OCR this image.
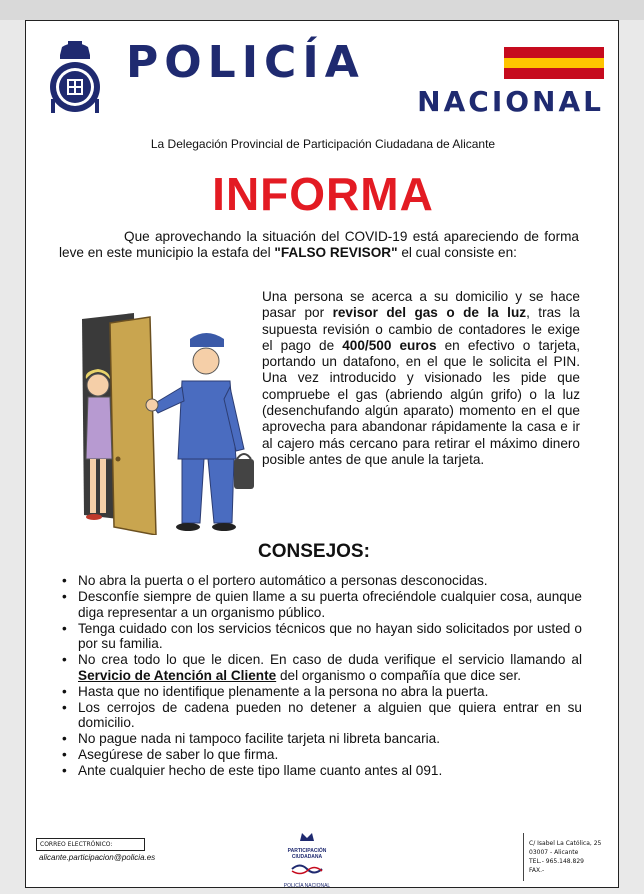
POLICÍA
NACIONAL
La Delegación Provincial de Participación Ciudadana de Alicante
INFORMA
Que aprovechando la situación del COVID-19 está apareciendo de forma leve en este municipio la estafa del "FALSO REVISOR" el cual consiste en:
Una persona se acerca a su domicilio y se hace pasar por revisor del gas o de la luz, tras la supuesta revisión o cambio de contadores le exige el pago de 400/500 euros en efectivo o tarjeta, portando un datafono, en el que le solicita el PIN. Una vez introducido y visionado les pide que compruebe el gas (abriendo algún grifo) o la luz (desenchufando algún aparato) momento en el que aprovecha para abandonar rápidamente la casa e ir al cajero más cercano para retirar el máximo dinero posible antes de que anule la tarjeta.
CONSEJOS:
• No abra la puerta o el portero automático a personas desconocidas.
• Desconfíe siempre de quien llame a su puerta ofreciéndole cualquier cosa, aunque diga representar a un organismo público.
• Tenga cuidado con los servicios técnicos que no hayan sido solicitados por usted o por su familia.
• No crea todo lo que le dicen. En caso de duda verifique el servicio llamando al Servicio de Atención al Cliente del organismo o compañía que dice ser.
• Hasta que no identifique plenamente a la persona no abra la puerta.
• Los cerrojos de cadena pueden no detener a alguien que quiera entrar en su domicilio.
• No pague nada ni tampoco facilite tarjeta ni libreta bancaria.
• Asegúrese de saber lo que firma.
• Ante cualquier hecho de este tipo llame cuanto antes al 091.
CORREO ELECTRÓNICO:
alicante.participacion@policia.es
PARTICIPACIÓN CIUDADANA
POLICÍA NACIONAL
C/ Isabel La Católica, 25
03007 - Alicante
TEL.- 965.148.829
FAX.-
